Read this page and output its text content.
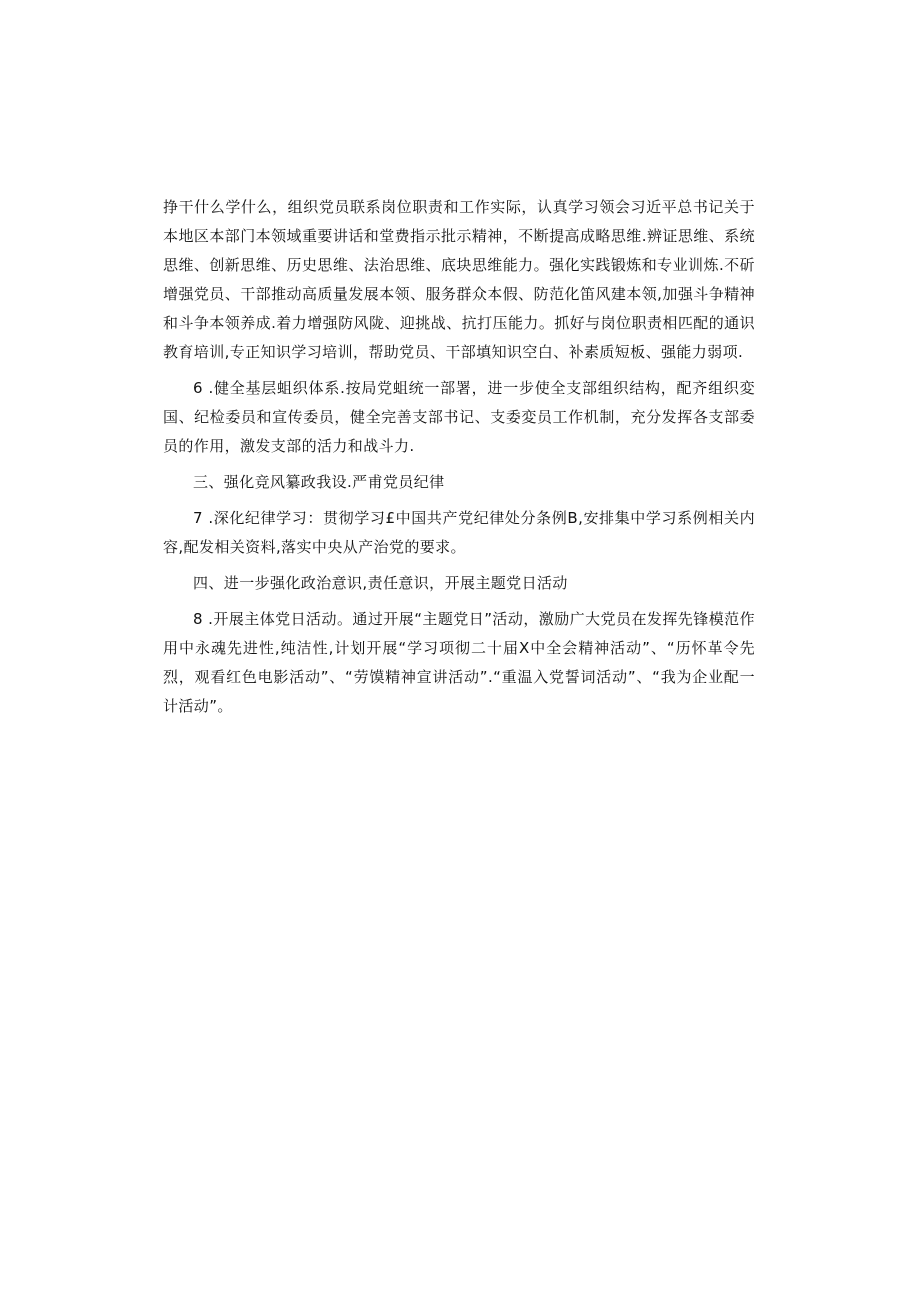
挣干什么学什么，组织党员联系岗位职责和工作实际，认真学习领会习近平总书记关于本地区本部门本领域重要讲话和堂费指示批示精神，不断提高成略思维.辨证思维、系统思维、创新思维、历史思维、法治思维、底块思维能力。强化实践锻炼和专业训炼.不斫增强党员、干部推动高质量发展本领、服务群众本假、防范化笛风建本领,加强斗争精神和斗争本领养成.着力增强防风陇、迎挑战、抗打压能力。抓好与岗位职责相匹配的通识教育培训,专正知识学习培训，帮助党员、干部填知识空白、补素质短板、强能力弱项.

6 .健全基层蛆织体系.按局党蛆统一部署，进一步使全支部组织结构，配齐组织変国、纪检委员和宣传委员，健全完善支部书记、支委変员工作机制，充分发挥各支部委员的作用，激发支部的活力和战斗力.

三、强化竞风纂政我设.严甫党员纪律

7 .深化纪律学习：贯彻学习£中国共产党纪律处分条例B,安排集中学习系例相关内容,配发相关资料,落实中央从产治党的要求。

四、进一步强化政治意识,责任意识，开展主题党日活动

8 .开展主体党日活动。通过开展“主题党日”活动，激励广大党员在发挥先锋模范作用中永魂先进性,纯洁性,计划开展“学习项彻二十届X中全会精神活动”、“历怀革令先烈，观看红色电影活动”、“劳馍精神宣讲活动”.“重温入党誓词活动”、“我为企业配一计活动”。
